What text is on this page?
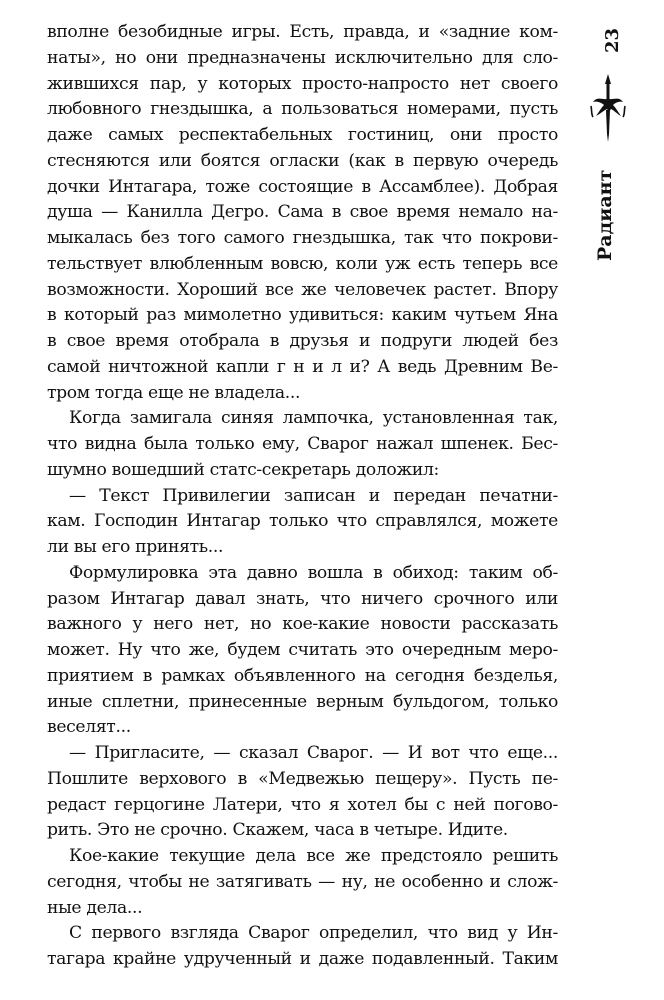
вполне безобидные игры. Есть, правда, и «задние ком-
наты», но они предназначены исключительно для сло-
жившихся пар, у которых просто-напросто нет своего
любовного гнездышка, а пользоваться номерами, пусть
даже самых респектабельных гостиниц, они просто
стесняются или боятся огласки (как в первую очередь
дочки Интагара, тоже состоящие в Ассамблее). Добрая
душа — Канилла Дегро. Сама в свое время немало на-
мыкалась без того самого гнездышка, так что покрови-
тельствует влюбленным вовсю, коли уж есть теперь все
возможности. Хороший все же человечек растет. Впору
в который раз мимолетно удивиться: каким чутьем Яна
в свое время отобрала в друзья и подруги людей без
самой ничтожной капли г н и л и? А ведь Древним Ве-
тром тогда еще не владела...
Когда замигала синяя лампочка, установленная так,
что видна была только ему, Сварог нажал шпенек. Бес-
шумно вошедший статс-секретарь доложил:
— Текст Привилегии записан и передан печатни-
кам. Господин Интагар только что справлялся, можете
ли вы его принять...
Формулировка эта давно вошла в обиход: таким об-
разом Интагар давал знать, что ничего срочного или
важного у него нет, но кое-какие новости рассказать
может. Ну что же, будем считать это очередным меро-
приятием в рамках объявленного на сегодня безделья,
иные сплетни, принесенные верным бульдогом, только
веселят...
— Пригласите, — сказал Сварог. — И вот что еще...
Пошлите верхового в «Медвежью пещеру». Пусть пе-
редаст герцогине Латери, что я хотел бы с ней погово-
рить. Это не срочно. Скажем, часа в четыре. Идите.
Кое-какие текущие дела все же предстояло решить
сегодня, чтобы не затягивать — ну, не особенно и слож-
ные дела...
С первого взгляда Сварог определил, что вид у Ин-
тагара крайне удрученный и даже подавленный. Таким
23
Радиант
